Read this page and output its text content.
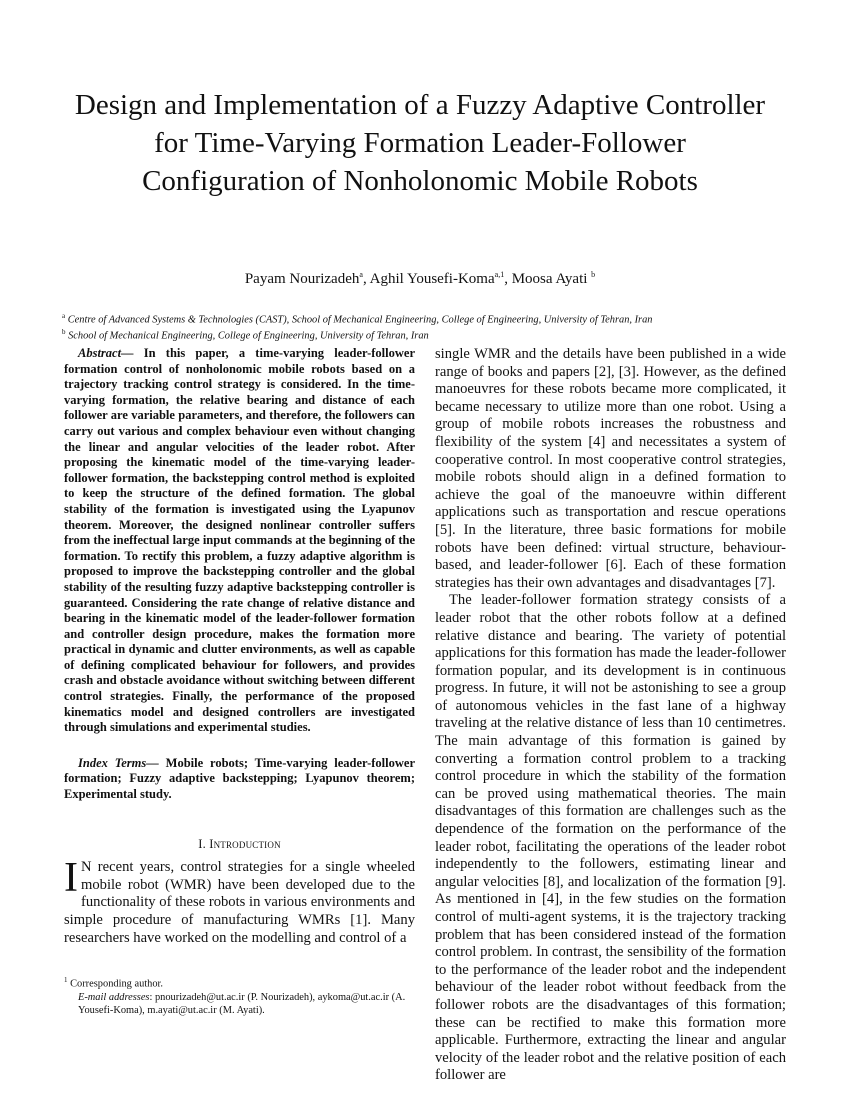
Design and Implementation of a Fuzzy Adaptive Controller for Time-Varying Formation Leader-Follower Configuration of Nonholonomic Mobile Robots
Payam Nourizadeh$^a$, Aghil Yousefi-Koma$^{a,1}$, Moosa Ayati $^b$
$^a$ Centre of Advanced Systems & Technologies (CAST), School of Mechanical Engineering, College of Engineering, University of Tehran, Iran
$^b$ School of Mechanical Engineering, College of Engineering, University of Tehran, Iran

Abstract— In this paper, a time-varying leader-follower formation control of nonholonomic mobile robots based on a trajectory tracking control strategy is considered. In the time-varying formation, the relative bearing and distance of each follower are variable parameters, and therefore, the followers can carry out various and complex behaviour even without changing the linear and angular velocities of the leader robot. After proposing the kinematic model of the time-varying leader-follower formation, the backstepping control method is exploited to keep the structure of the defined formation. The global stability of the formation is investigated using the Lyapunov theorem. Moreover, the designed nonlinear controller suffers from the ineffectual large input commands at the beginning of the formation. To rectify this problem, a fuzzy adaptive algorithm is proposed to improve the backstepping controller and the global stability of the resulting fuzzy adaptive backstepping controller is guaranteed. Considering the rate change of relative distance and bearing in the kinematic model of the leader-follower formation and controller design procedure, makes the formation more practical in dynamic and clutter environments, as well as capable of defining complicated behaviour for followers, and provides crash and obstacle avoidance without switching between different control strategies. Finally, the performance of the proposed kinematics model and designed controllers are investigated through simulations and experimental studies.

Index Terms— Mobile robots; Time-varying leader-follower formation; Fuzzy adaptive backstepping; Lyapunov theorem; Experimental study.

I. Introduction

I N recent years, control strategies for a single wheeled mobile robot (WMR) have been developed due to the functionality of these robots in various environments and simple procedure of manufacturing WMRs [1]. Many researchers have worked on the modelling and control of a

single WMR and the details have been published in a wide range of books and papers [2], [3]. However, as the defined manoeuvres for these robots became more complicated, it became necessary to utilize more than one robot. Using a group of mobile robots increases the robustness and flexibility of the system [4] and necessitates a system of cooperative control. In most cooperative control strategies, mobile robots should align in a defined formation to achieve the goal of the manoeuvre within different applications such as transportation and rescue operations [5]. In the literature, three basic formations for mobile robots have been defined: virtual structure, behaviour-based, and leader-follower [6]. Each of these formation strategies has their own advantages and disadvantages [7].

The leader-follower formation strategy consists of a leader robot that the other robots follow at a defined relative distance and bearing. The variety of potential applications for this formation has made the leader-follower formation popular, and its development is in continuous progress. In future, it will not be astonishing to see a group of autonomous vehicles in the fast lane of a highway traveling at the relative distance of less than 10 centimetres. The main advantage of this formation is gained by converting a formation control problem to a tracking control procedure in which the stability of the formation can be proved using mathematical theories. The main disadvantages of this formation are challenges such as the dependence of the formation on the performance of the leader robot, facilitating the operations of the leader robot independently to the followers, estimating linear and angular velocities [8], and localization of the formation [9]. As mentioned in [4], in the few studies on the formation control of multi-agent systems, it is the trajectory tracking problem that has been considered instead of the formation control problem. In contrast, the sensibility of the formation to the performance of the leader robot and the independent behaviour of the leader robot without feedback from the follower robots are the disadvantages of this formation; these can be rectified to make this formation more applicable. Furthermore, extracting the linear and angular velocity of the leader robot and the relative position of each follower are

$^1$ Corresponding author.
E-mail addresses: pnourizadeh@ut.ac.ir (P. Nourizadeh), aykoma@ut.ac.ir (A. Yousefi-Koma), m.ayati@ut.ac.ir (M. Ayati).
